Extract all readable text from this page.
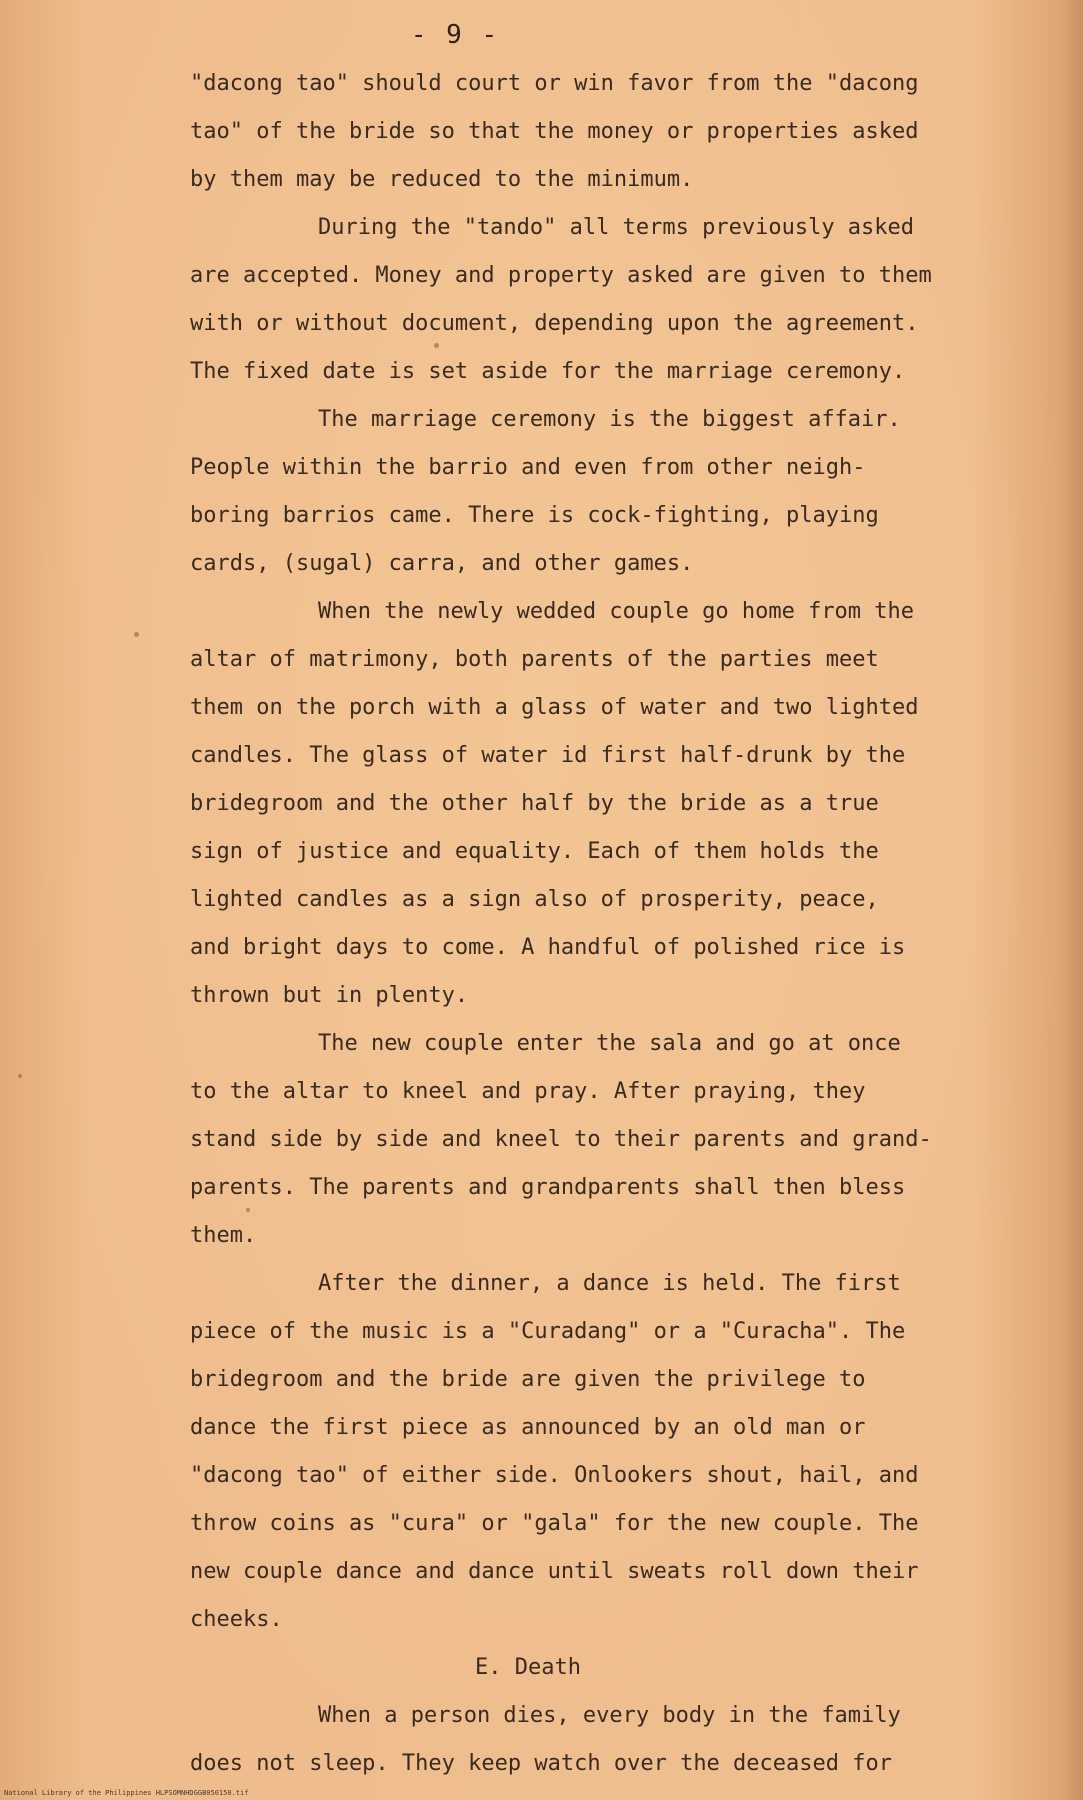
- 9 -
"dacong tao" should court or win favor from the "dacong
tao" of the bride so that the money or properties asked
by them may be reduced to the minimum.
During the "tando" all terms previously asked
are accepted. Money and property asked are given to them
with or without document, depending upon the agreement.
The fixed date is set aside for the marriage ceremony.
The marriage ceremony is the biggest affair.
People within the barrio and even from other neigh-
boring barrios came. There is cock-fighting, playing
cards, (sugal) carra, and other games.
When the newly wedded couple go home from the
altar of matrimony, both parents of the parties meet
them on the porch with a glass of water and two lighted
candles. The glass of water id first half-drunk by the
bridegroom and the other half by the bride as a true
sign of justice and equality. Each of them holds the
lighted candles as a sign also of prosperity, peace,
and bright days to come. A handful of polished rice is
thrown but in plenty.
The new couple enter the sala and go at once
to the altar to kneel and pray. After praying, they
stand side by side and kneel to their parents and grand-
parents. The parents and grandparents shall then bless
them.
After the dinner, a dance is held. The first
piece of the music is a "Curadang" or a "Curacha". The
bridegroom and the bride are given the privilege to
dance the first piece as announced by an old man or
"dacong tao" of either side. Onlookers shout, hail, and
throw coins as "cura" or "gala" for the new couple. The
new couple dance and dance until sweats roll down their
cheeks.
E. Death
When a person dies, every body in the family
does not sleep. They keep watch over the deceased for
National Library of the Philippines HLPSOMNHDGGB050150.tif
